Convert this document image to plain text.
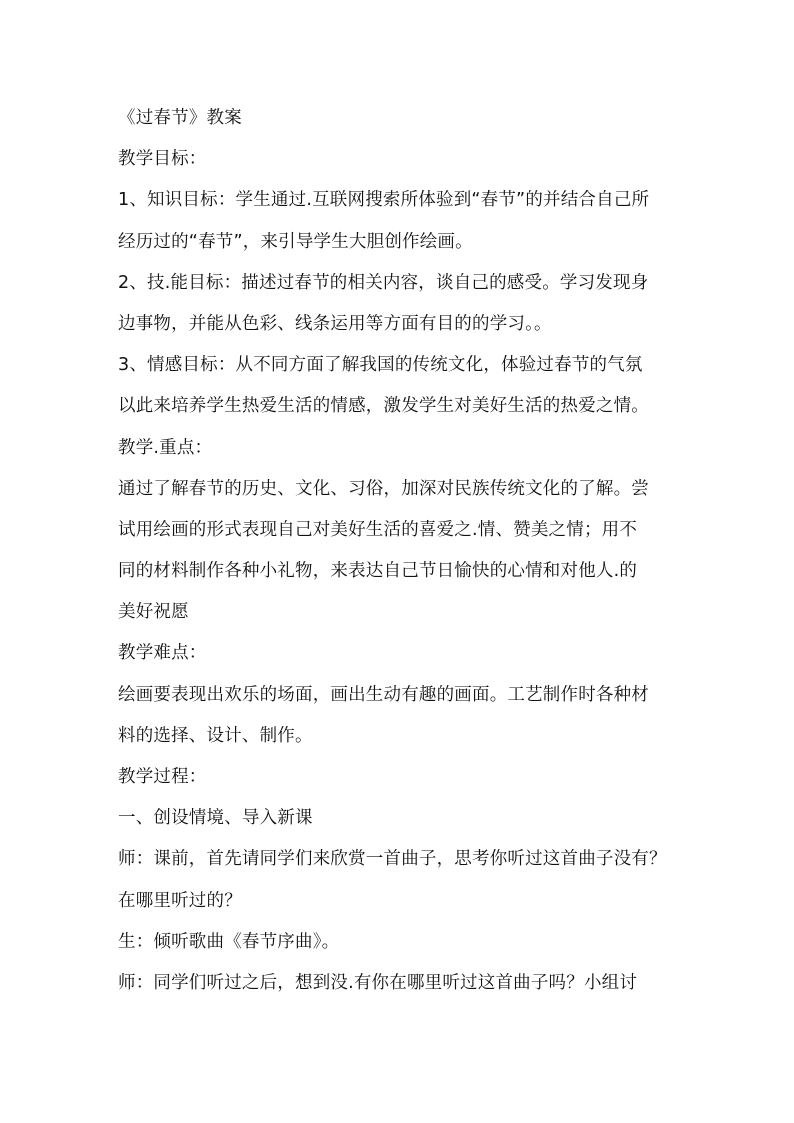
《过春节》教案
教学目标：
1、知识目标：学生通过.互联网搜索所体验到“春节”的并结合自己所
经历过的“春节”，来引导学生大胆创作绘画。
2、技.能目标：描述过春节的相关内容，谈自己的感受。学习发现身
边事物，并能从色彩、线条运用等方面有目的的学习。。
3、情感目标：从不同方面了解我国的传统文化，体验过春节的气氛
以此来培养学生热爱生活的情感，激发学生对美好生活的热爱之情。
教学.重点：
通过了解春节的历史、文化、习俗，加深对民族传统文化的了解。尝
试用绘画的形式表现自己对美好生活的喜爱之.情、赞美之情；用不
同的材料制作各种小礼物，来表达自己节日愉快的心情和对他人.的
美好祝愿
教学难点：
绘画要表现出欢乐的场面，画出生动有趣的画面。工艺制作时各种材
料的选择、设计、制作。
教学过程：
一、创设情境、导入新课
师：课前，首先请同学们来欣赏一首曲子，思考你听过这首曲子没有？
在哪里听过的？
生：倾听歌曲《春节序曲》。
师：同学们听过之后，想到没.有你在哪里听过这首曲子吗？小组讨
